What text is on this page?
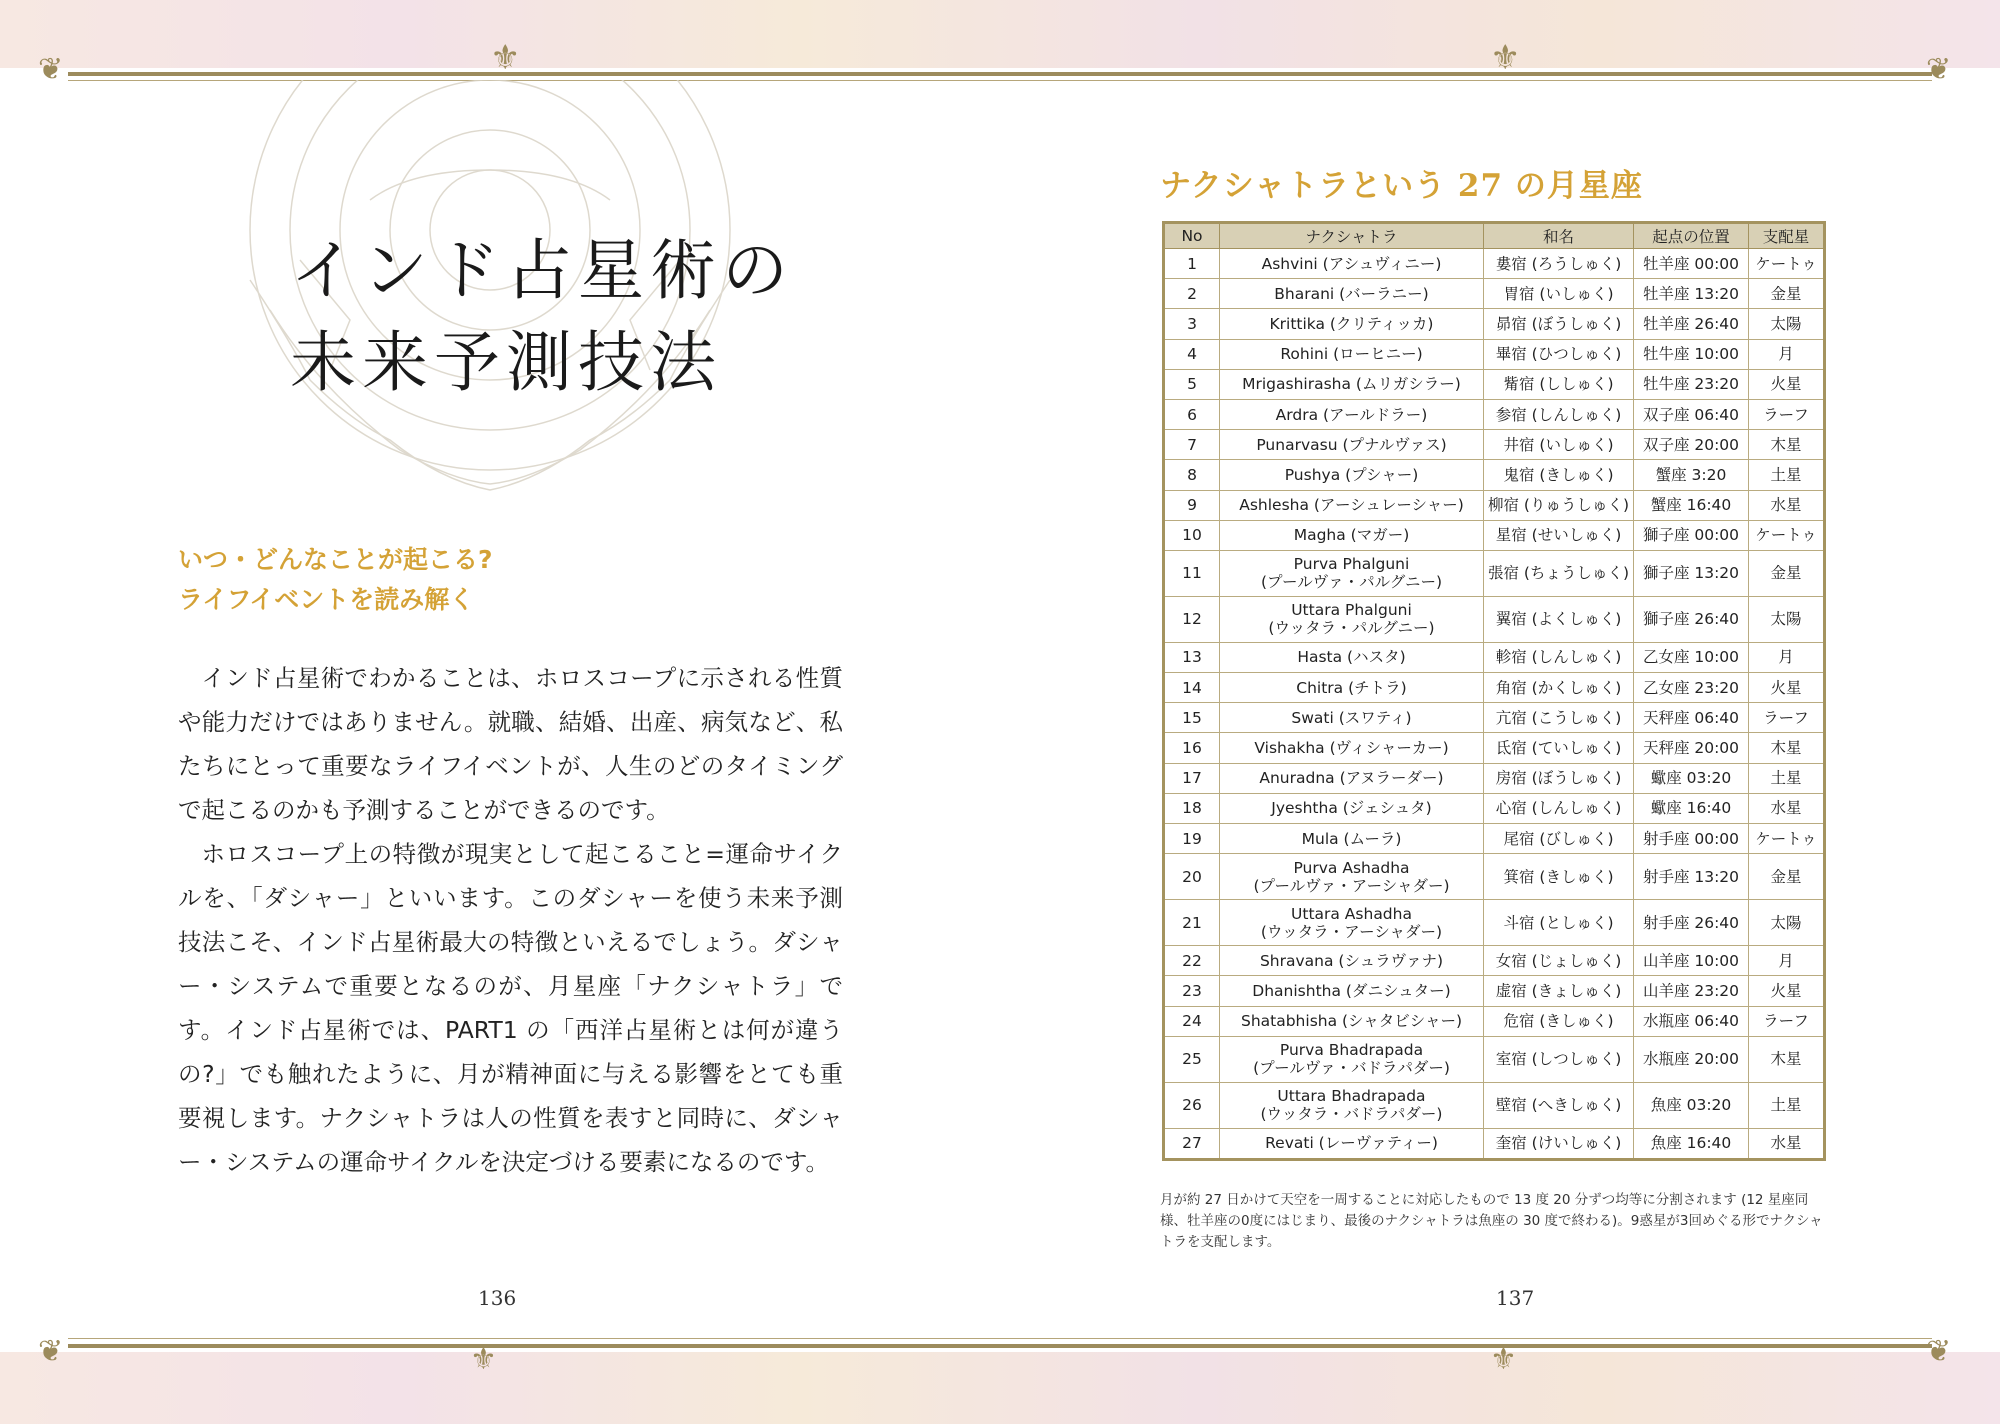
❦	⚜	⚜	❦
❦	⚜	⚜	❦
インド占星術の
未来予測技法
いつ・どんなことが起こる?
ライフイベントを読み解く

インド占星術でわかることは、ホロスコープに示される性質や能力だけではありません。就職、結婚、出産、病気など、私たちにとって重要なライフイベントが、人生のどのタイミングで起こるのかも予測することができるのです。

ホロスコープ上の特徴が現実として起こること=運命サイクルを、「ダシャー」といいます。このダシャーを使う未来予測技法こそ、インド占星術最大の特徴といえるでしょう。ダシャー・システムで重要となるのが、月星座「ナクシャトラ」です。インド占星術では、PART1 の「西洋占星術とは何が違うの?」でも触れたように、月が精神面に与える影響をとても重要視します。ナクシャトラは人の性質を表すと同時に、ダシャー・システムの運命サイクルを決定づける要素になるのです。

136
ナクシャトラという 27 の月星座
No	ナクシャトラ	和名	起点の位置	支配星
1	Ashvini (アシュヴィニー)	婁宿 (ろうしゅく)	牡羊座 00:00	ケートゥ
2	Bharani (バーラニー)	胃宿 (いしゅく)	牡羊座 13:20	金星
3	Krittika (クリティッカ)	昴宿 (ぼうしゅく)	牡羊座 26:40	太陽
4	Rohini (ローヒニー)	畢宿 (ひつしゅく)	牡牛座 10:00	月
5	Mrigashirasha (ムリガシラー)	觜宿 (ししゅく)	牡牛座 23:20	火星
6	Ardra (アールドラー)	参宿 (しんしゅく)	双子座 06:40	ラーフ
7	Punarvasu (プナルヴァス)	井宿 (いしゅく)	双子座 20:00	木星
8	Pushya (プシャー)	鬼宿 (きしゅく)	蟹座 3:20	土星
9	Ashlesha (アーシュレーシャー)	柳宿 (りゅうしゅく)	蟹座 16:40	水星
10	Magha (マガー)	星宿 (せいしゅく)	獅子座 00:00	ケートゥ
11	Purva Phalguni
(プールヴァ・パルグニー)	張宿 (ちょうしゅく)	獅子座 13:20	金星
12	Uttara Phalguni
(ウッタラ・パルグニー)	翼宿 (よくしゅく)	獅子座 26:40	太陽
13	Hasta (ハスタ)	軫宿 (しんしゅく)	乙女座 10:00	月
14	Chitra (チトラ)	角宿 (かくしゅく)	乙女座 23:20	火星
15	Swati (スワティ)	亢宿 (こうしゅく)	天秤座 06:40	ラーフ
16	Vishakha (ヴィシャーカー)	氐宿 (ていしゅく)	天秤座 20:00	木星
17	Anuradna (アヌラーダー)	房宿 (ぼうしゅく)	蠍座 03:20	土星
18	Jyeshtha (ジェシュタ)	心宿 (しんしゅく)	蠍座 16:40	水星
19	Mula (ムーラ)	尾宿 (びしゅく)	射手座 00:00	ケートゥ
20	Purva Ashadha
(プールヴァ・アーシャダー)	箕宿 (きしゅく)	射手座 13:20	金星
21	Uttara Ashadha
(ウッタラ・アーシャダー)	斗宿 (としゅく)	射手座 26:40	太陽
22	Shravana (シュラヴァナ)	女宿 (じょしゅく)	山羊座 10:00	月
23	Dhanishtha (ダニシュター)	虚宿 (きょしゅく)	山羊座 23:20	火星
24	Shatabhisha (シャタビシャー)	危宿 (きしゅく)	水瓶座 06:40	ラーフ
25	Purva Bhadrapada
(プールヴァ・バドラパダー)	室宿 (しつしゅく)	水瓶座 20:00	木星
26	Uttara Bhadrapada
(ウッタラ・バドラパダー)	壁宿 (へきしゅく)	魚座 03:20	土星
27	Revati (レーヴァティー)	奎宿 (けいしゅく)	魚座 16:40	水星
月が約 27 日かけて天空を一周することに対応したもので 13 度 20 分ずつ均等に分割されます (12 星座同様、牡羊座の0度にはじまり、最後のナクシャトラは魚座の 30 度で終わる)。9惑星が3回めぐる形でナクシャトラを支配します。
137
